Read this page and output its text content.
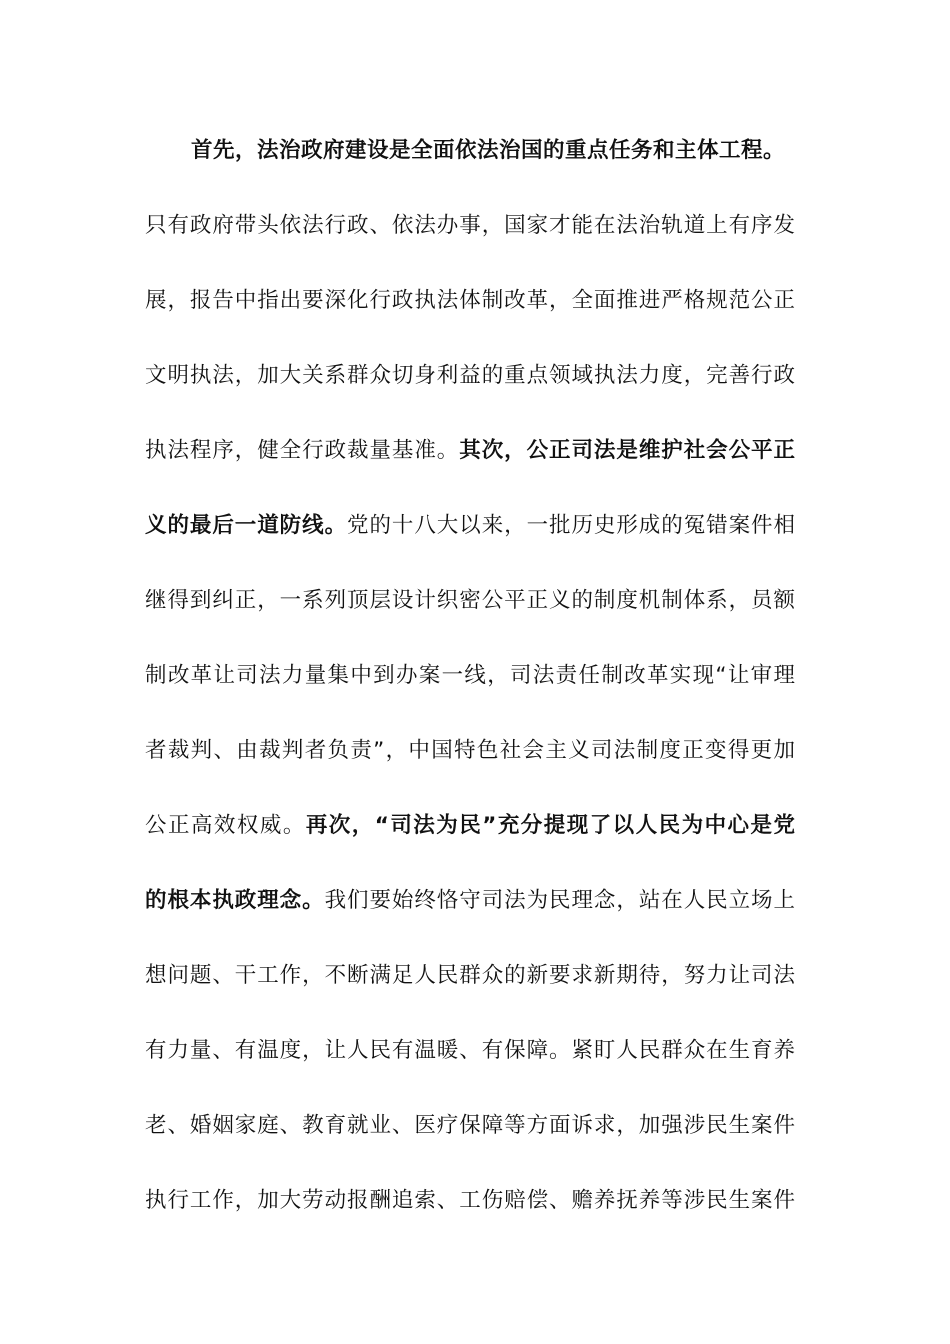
首先，法治政府建设是全面依法治国的重点任务和主体工程。
只有政府带头依法行政、依法办事，国家才能在法治轨道上有序发
展，报告中指出要深化行政执法体制改革，全面推进严格规范公正
文明执法，加大关系群众切身利益的重点领域执法力度，完善行政
执法程序，健全行政裁量基准。其次，公正司法是维护社会公平正
义的最后一道防线。党的十八大以来，一批历史形成的冤错案件相
继得到纠正，一系列顶层设计织密公平正义的制度机制体系，员额
制改革让司法力量集中到办案一线，司法责任制改革实现“让审理
者裁判、由裁判者负责”，中国特色社会主义司法制度正变得更加
公正高效权威。再次，“司法为民”充分提现了以人民为中心是党
的根本执政理念。我们要始终恪守司法为民理念，站在人民立场上
想问题、干工作，不断满足人民群众的新要求新期待，努力让司法
有力量、有温度，让人民有温暖、有保障。紧盯人民群众在生育养
老、婚姻家庭、教育就业、医疗保障等方面诉求，加强涉民生案件
执行工作，加大劳动报酬追索、工伤赔偿、赡养抚养等涉民生案件
